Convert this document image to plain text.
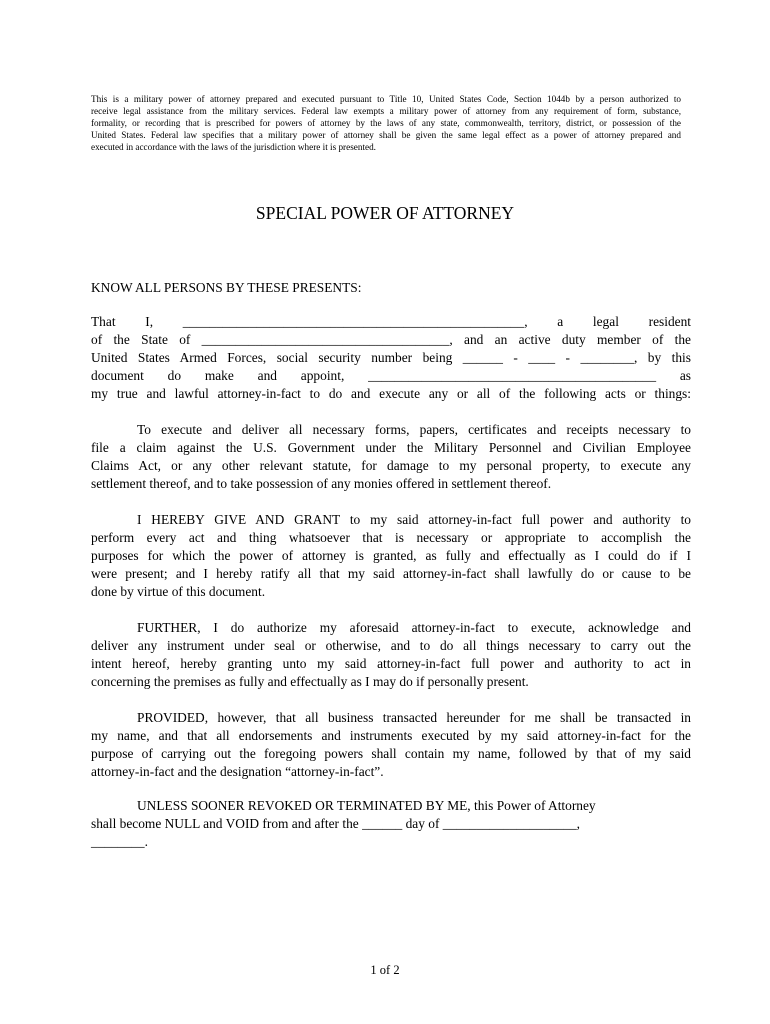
This is a military power of attorney prepared and executed pursuant to Title 10, United States Code, Section 1044b by a person authorized to
receive legal assistance from the military services. Federal law exempts a military power of attorney from any requirement of form, substance,
formality, or recording that is prescribed for powers of attorney by the laws of any state, commonwealth, territory, district, or possession of the
United States. Federal law specifies that a military power of attorney shall be given the same legal effect as a power of attorney prepared and
executed in accordance with the laws of the jurisdiction where it is presented.
SPECIAL POWER OF ATTORNEY
KNOW ALL PERSONS BY THESE PRESENTS:
That I, ___________________________________________________, a legal resident
of the State of _____________________________________, and an active duty member of the
United States Armed Forces, social security number being ______ - ____ - ________, by this
document do make and appoint, ___________________________________________ as
my true and lawful attorney-in-fact to do and execute any or all of the following acts or things:
To execute and deliver all necessary forms, papers, certificates and receipts necessary to
file a claim against the U.S. Government under the Military Personnel and Civilian Employee
Claims Act, or any other relevant statute, for damage to my personal property, to execute any
settlement thereof, and to take possession of any monies offered in settlement thereof.
I HEREBY GIVE AND GRANT to my said attorney-in-fact full power and authority to
perform every act and thing whatsoever that is necessary or appropriate to accomplish the
purposes for which the power of attorney is granted, as fully and effectually as I could do if I
were present; and I hereby ratify all that my said attorney-in-fact shall lawfully do or cause to be
done by virtue of this document.
FURTHER, I do authorize my aforesaid attorney-in-fact to execute, acknowledge and
deliver any instrument under seal or otherwise, and to do all things necessary to carry out the
intent hereof, hereby granting unto my said attorney-in-fact full power and authority to act in
concerning the premises as fully and effectually as I may do if personally present.
PROVIDED, however, that all business transacted hereunder for me shall be transacted in
my name, and that all endorsements and instruments executed by my said attorney-in-fact for the
purpose of carrying out the foregoing powers shall contain my name, followed by that of my said
attorney-in-fact and the designation “attorney-in-fact”.
UNLESS SOONER REVOKED OR TERMINATED BY ME, this Power of Attorney
shall become NULL and VOID from and after the ______ day of ____________________,
________.
1 of 2
